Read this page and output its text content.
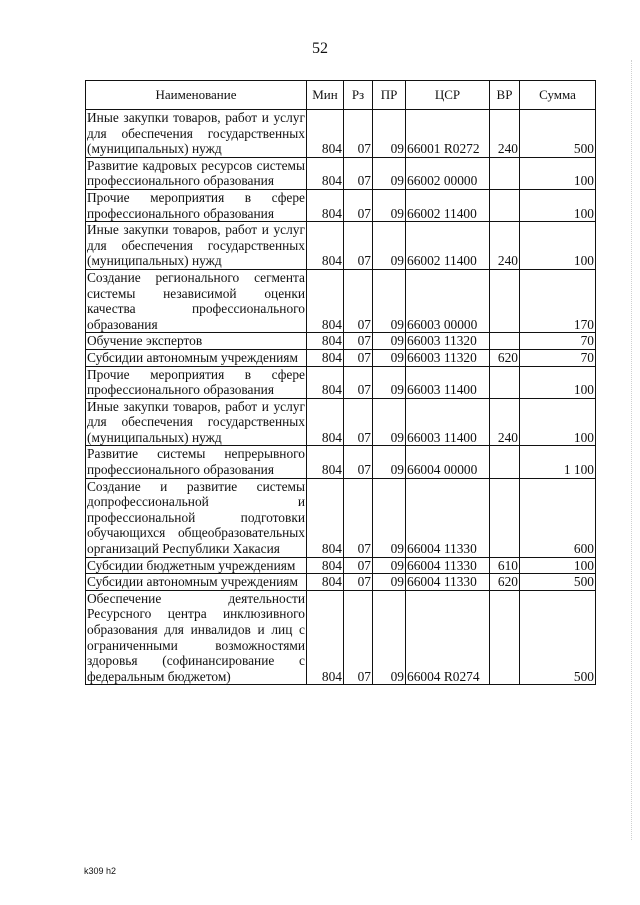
52
Наименование	Мин	Рз	ПР	ЦСР	ВР	Сумма
Иные закупки товаров, работ и услуг для обеспечения государственных (муниципальных) нужд	804	07	09	66001 R0272	240	500
Развитие кадровых ресурсов системы профессионального образования	804	07	09	66002 00000		100
Прочие мероприятия в сфере профессионального образования	804	07	09	66002 11400		100
Иные закупки товаров, работ и услуг для обеспечения государственных (муниципальных) нужд	804	07	09	66002 11400	240	100
Создание регионального сегмента системы независимой оценки качества профессионального образования	804	07	09	66003 00000		170
Обучение экспертов	804	07	09	66003 11320		70
Субсидии автономным учреждениям	804	07	09	66003 11320	620	70
Прочие мероприятия в сфере профессионального образования	804	07	09	66003 11400		100
Иные закупки товаров, работ и услуг для обеспечения государственных (муниципальных) нужд	804	07	09	66003 11400	240	100
Развитие системы непрерывного профессионального образования	804	07	09	66004 00000		1 100
Создание и развитие системы допрофессиональной и профессиональной подготовки обучающихся общеобразовательных организаций Республики Хакасия	804	07	09	66004 11330		600
Субсидии бюджетным учреждениям	804	07	09	66004 11330	610	100
Субсидии автономным учреждениям	804	07	09	66004 11330	620	500
Обеспечение деятельности Ресурсного центра инклюзивного образования для инвалидов и лиц с ограниченными возможностями здоровья (софинансирование с федеральным бюджетом)	804	07	09	66004 R0274		500
k309 h2
